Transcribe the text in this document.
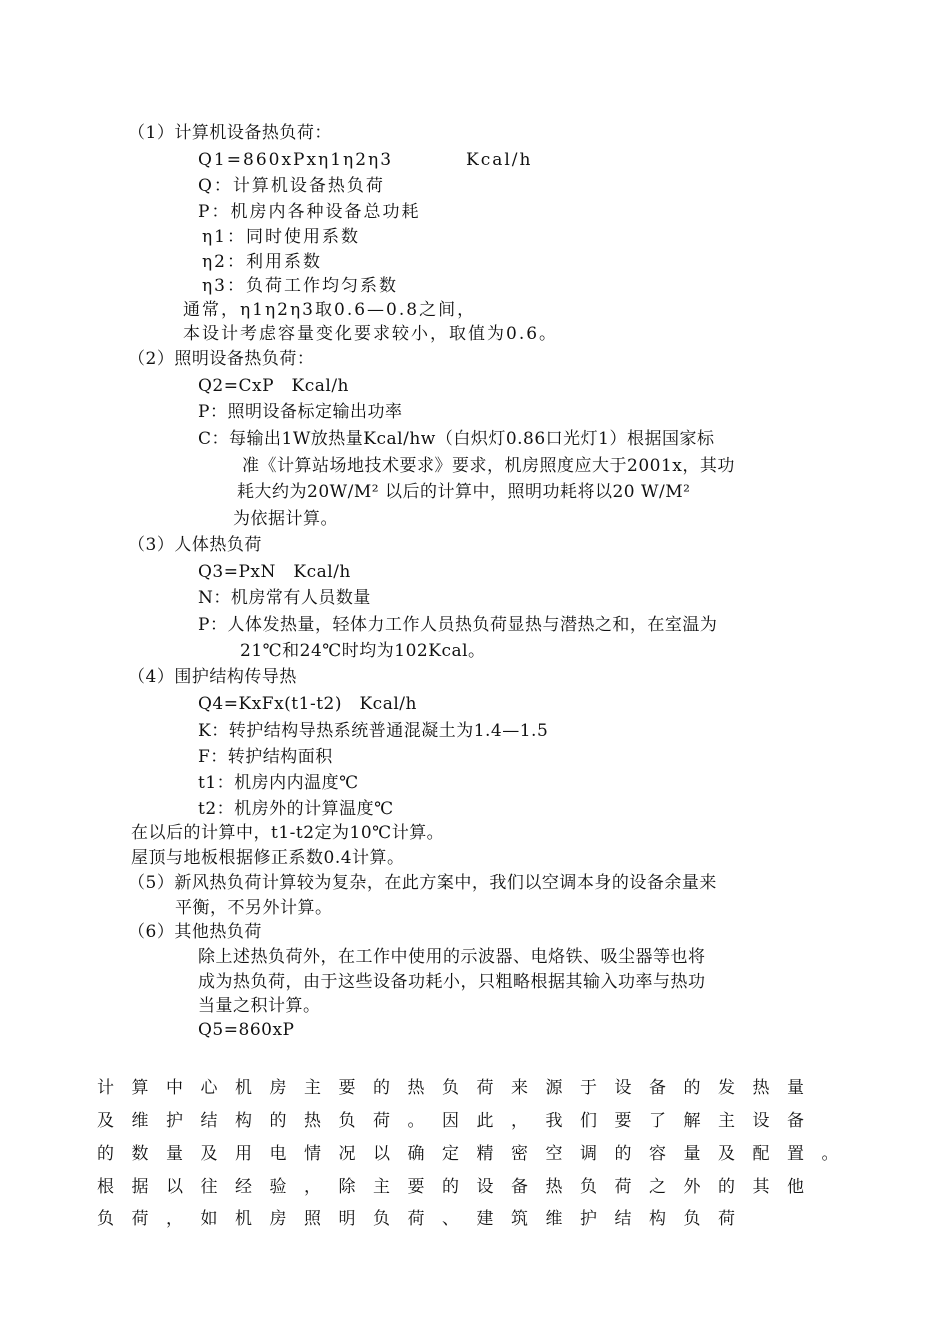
（1）计算机设备热负荷：
Q1=860xPxη1η2η3	Kcal/h
Q：计算机设备热负荷
P：机房内各种设备总功耗
η1：同时使用系数
η2：利用系数
η3：负荷工作均匀系数
通常，η1η2η3取0.6—0.8之间，
本设计考虑容量变化要求较小，取值为0.6。
（2）照明设备热负荷：
Q2=CxP　Kcal/h
P：照明设备标定输出功率
C：每输出1W放热量Kcal/hw（白炽灯0.86口光灯1）根据国家标
准《计算站场地技术要求》要求，机房照度应大于2001x，其功
耗大约为20W/M² 以后的计算中，照明功耗将以20 W/M²
为依据计算。
（3）人体热负荷
Q3=PxN　Kcal/h
N：机房常有人员数量
P：人体发热量，轻体力工作人员热负荷显热与潜热之和，在室温为
21℃和24℃时均为102Kcal。
（4）围护结构传导热
Q4=KxFx(t1-t2)　Kcal/h
K：转护结构导热系统普通混凝土为1.4—1.5
F：转护结构面积
t1：机房内内温度℃
t2：机房外的计算温度℃
在以后的计算中，t1-t2定为10℃计算。
屋顶与地板根据修正系数0.4计算。
（5）新风热负荷计算较为复杂，在此方案中，我们以空调本身的设备余量来
平衡，不另外计算。
（6）其他热负荷
除上述热负荷外，在工作中使用的示波器、电烙铁、吸尘器等也将
成为热负荷，由于这些设备功耗小，只粗略根据其输入功率与热功
当量之积计算。
Q5=860xP
计算中心机房主要的热负荷来源于设备的发热量
及维护结构的热负荷。因此，我们要了解主设备
的数量及用电情况以确定精密空调的容量及配置。
根据以往经验，除主要的设备热负荷之外的其他
负荷，如机房照明负荷、建筑维护结构负荷
